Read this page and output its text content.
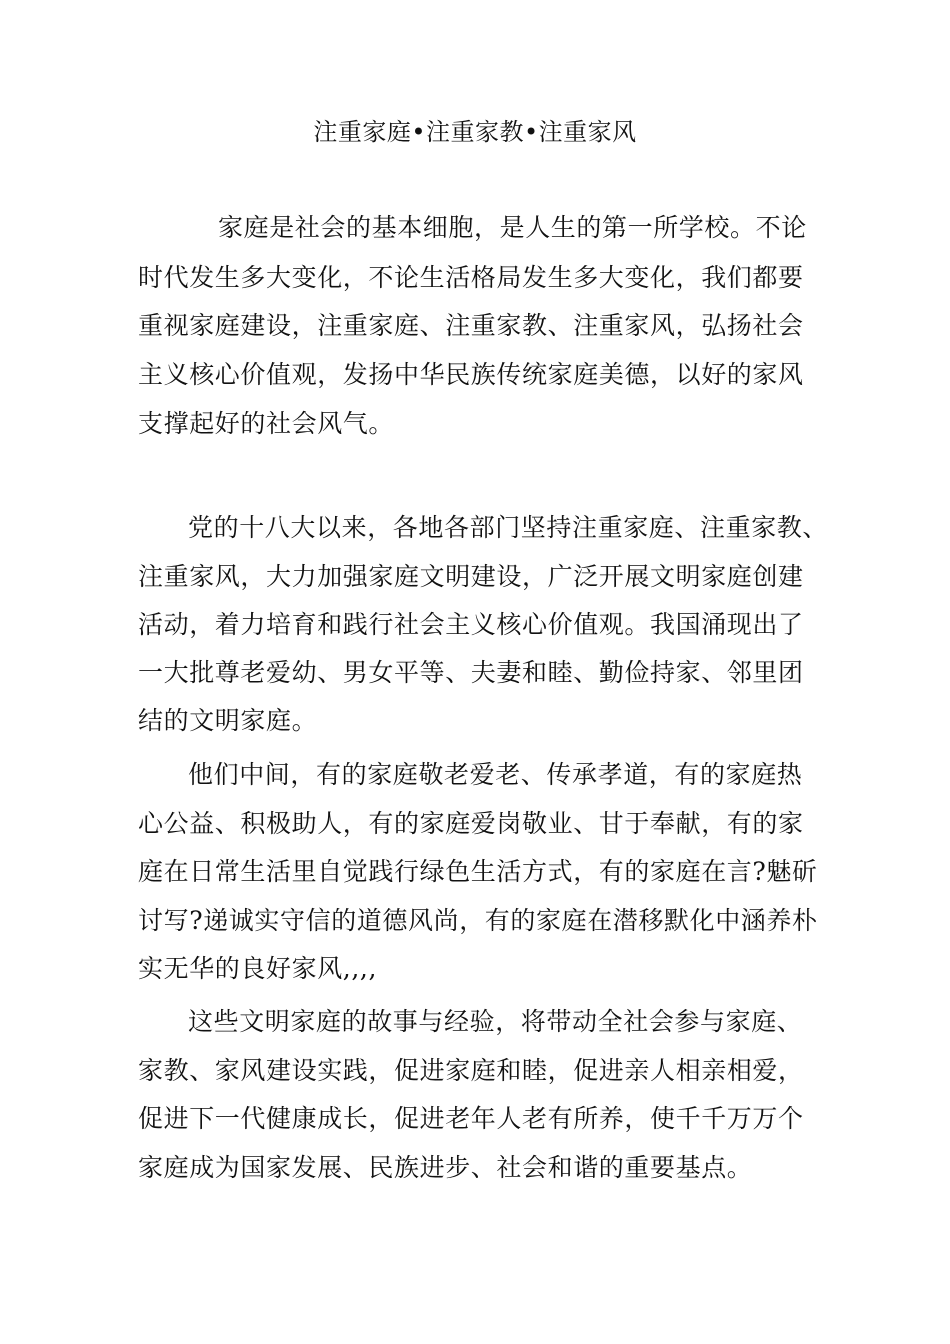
注重家庭•注重家教•注重家风
家庭是社会的基本细胞，是人生的第一所学校。不论
时代发生多大变化，不论生活格局发生多大变化，我们都要
重视家庭建设，注重家庭、注重家教、注重家风，弘扬社会
主义核心价值观，发扬中华民族传统家庭美德，以好的家风
支撑起好的社会风气。
党的十八大以来，各地各部门坚持注重家庭、注重家教、
注重家风，大力加强家庭文明建设，广泛开展文明家庭创建
活动，着力培育和践行社会主义核心价值观。我国涌现出了
一大批尊老爱幼、男女平等、夫妻和睦、勤俭持家、邻里团
结的文明家庭。
他们中间，有的家庭敬老爱老、传承孝道，有的家庭热
心公益、积极助人，有的家庭爱岗敬业、甘于奉献，有的家
庭在日常生活里自觉践行绿色生活方式，有的家庭在言?魅斫
讨写?递诚实守信的道德风尚，有的家庭在潜移默化中涵养朴
实无华的良好家风,,,,
这些文明家庭的故事与经验，将带动全社会参与家庭、
家教、家风建设实践，促进家庭和睦，促进亲人相亲相爱，
促进下一代健康成长，促进老年人老有所养，使千千万万个
家庭成为国家发展、民族进步、社会和谐的重要基点。
